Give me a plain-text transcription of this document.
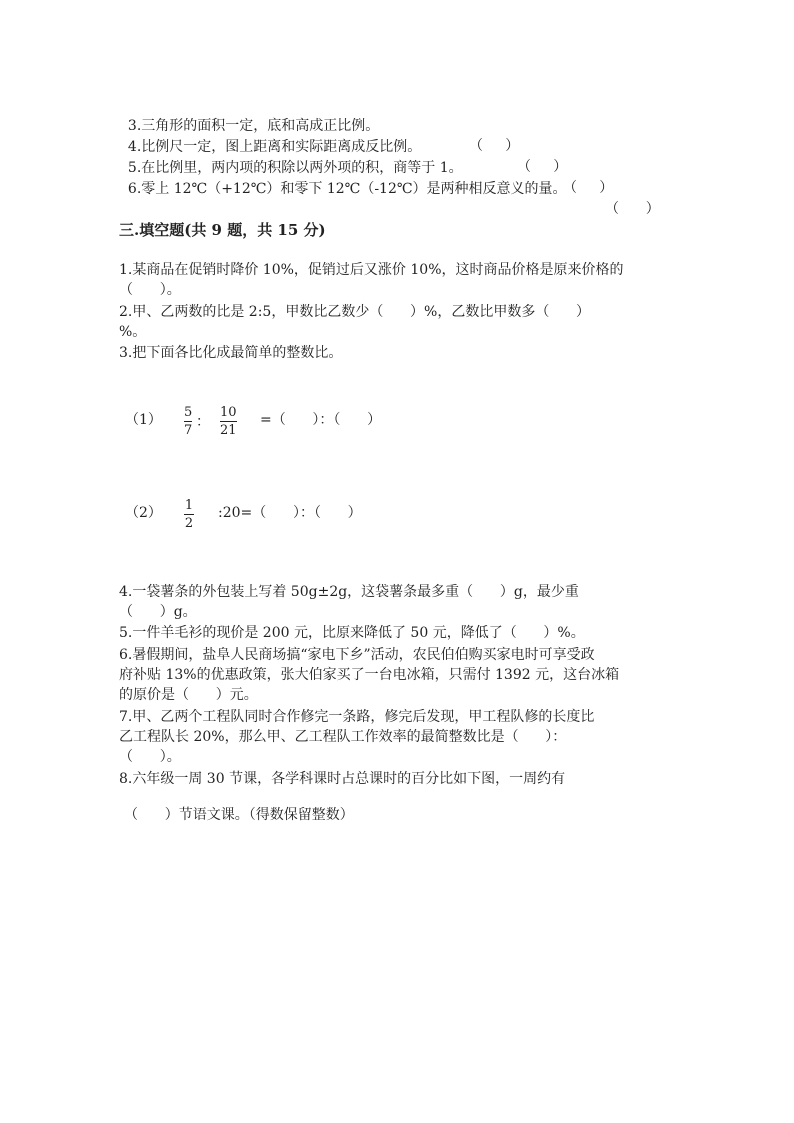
3.三角形的面积一定，底和高成正比例。

（     ）

4.比例尺一定，图上距离和实际距离成反比例。

（     ）

5.在比例里，两内项的积除以两外项的积，商等于 1。

（     ）

6.零上 12℃（+12℃）和零下 12℃（-12℃）是两种相反意义的量。

（      ）

三.填空题(共 9 题，共 15 分)
1.某商品在促销时降价 10%，促销过后又涨价 10%，这时商品价格是原来价格的
（      ）。
2.甲、乙两数的比是 2:5，甲数比乙数少（      ）%，乙数比甲数多（      ）
%。
3.把下面各比化成最简单的整数比。
（1） 5
7
：
10
21
=（      ）：（      ）
（2） 1
2
:20=（      ）：（      ）
4.一袋薯条的外包装上写着 50g±2g，这袋薯条最多重（      ）g，最少重
（      ）g。
5.一件羊毛衫的现价是 200 元，比原来降低了 50 元，降低了（      ）%。
6.暑假期间，盐阜人民商场搞“家电下乡”活动，农民伯伯购买家电时可享受政
府补贴 13%的优惠政策，张大伯家买了一台电冰箱，只需付 1392 元，这台冰箱
的原价是（      ）元。
7.甲、乙两个工程队同时合作修完一条路，修完后发现，甲工程队修的长度比
乙工程队长 20%，那么甲、乙工程队工作效率的最简整数比是（      ）：
（      ）。
8.六年级一周 30 节课，各学科课时占总课时的百分比如下图，一周约有
（      ）节语文课。（得数保留整数）
